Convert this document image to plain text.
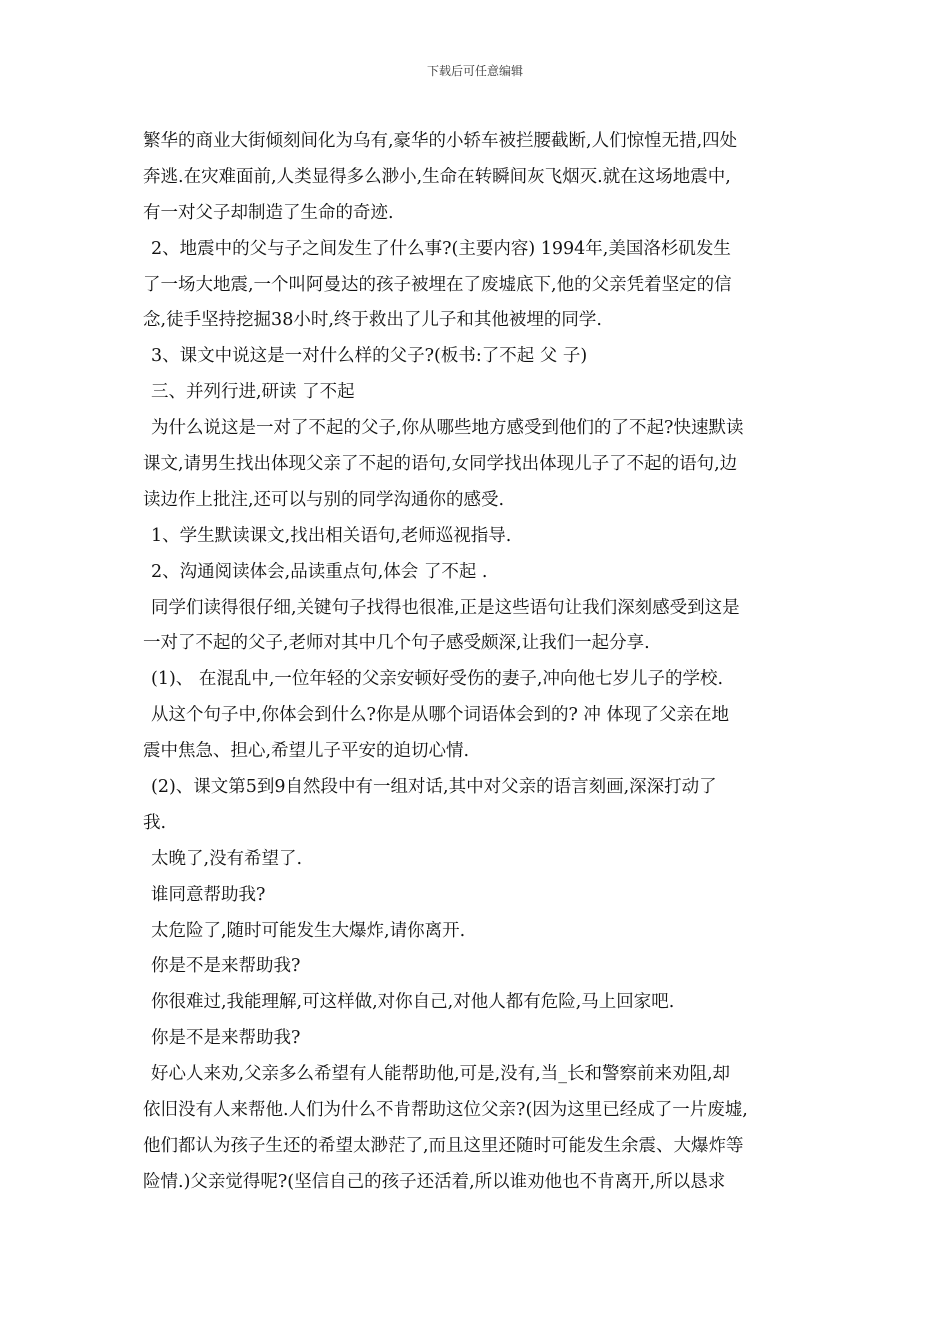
下载后可任意编辑
繁华的商业大街倾刻间化为乌有,豪华的小轿车被拦腰截断,人们惊惶无措,四处
奔逃.在灾难面前,人类显得多么渺小,生命在转瞬间灰飞烟灭.就在这场地震中,
有一对父子却制造了生命的奇迹.
2、地震中的父与子之间发生了什么事?(主要内容) 1994年,美国洛杉矶发生
了一场大地震,一个叫阿曼达的孩子被埋在了废墟底下,他的父亲凭着坚定的信
念,徒手坚持挖掘38小时,终于救出了儿子和其他被埋的同学.
3、课文中说这是一对什么样的父子?(板书:了不起 父 子)
三、并列行进,研读 了不起
为什么说这是一对了不起的父子,你从哪些地方感受到他们的了不起?快速默读
课文,请男生找出体现父亲了不起的语句,女同学找出体现儿子了不起的语句,边
读边作上批注,还可以与别的同学沟通你的感受.
1、学生默读课文,找出相关语句,老师巡视指导.
2、沟通阅读体会,品读重点句,体会 了不起 .
同学们读得很仔细,关键句子找得也很准,正是这些语句让我们深刻感受到这是
一对了不起的父子,老师对其中几个句子感受颇深,让我们一起分享.
(1)、 在混乱中,一位年轻的父亲安顿好受伤的妻子,冲向他七岁儿子的学校.
从这个句子中,你体会到什么?你是从哪个词语体会到的? 冲 体现了父亲在地
震中焦急、担心,希望儿子平安的迫切心情.
(2)、课文第5到9自然段中有一组对话,其中对父亲的语言刻画,深深打动了
我.
太晚了,没有希望了.
谁同意帮助我?
太危险了,随时可能发生大爆炸,请你离开.
你是不是来帮助我?
你很难过,我能理解,可这样做,对你自己,对他人都有危险,马上回家吧.
你是不是来帮助我?
好心人来劝,父亲多么希望有人能帮助他,可是,没有,当_长和警察前来劝阻,却
依旧没有人来帮他.人们为什么不肯帮助这位父亲?(因为这里已经成了一片废墟,
他们都认为孩子生还的希望太渺茫了,而且这里还随时可能发生余震、大爆炸等
险情.)父亲觉得呢?(坚信自己的孩子还活着,所以谁劝他也不肯离开,所以恳求
